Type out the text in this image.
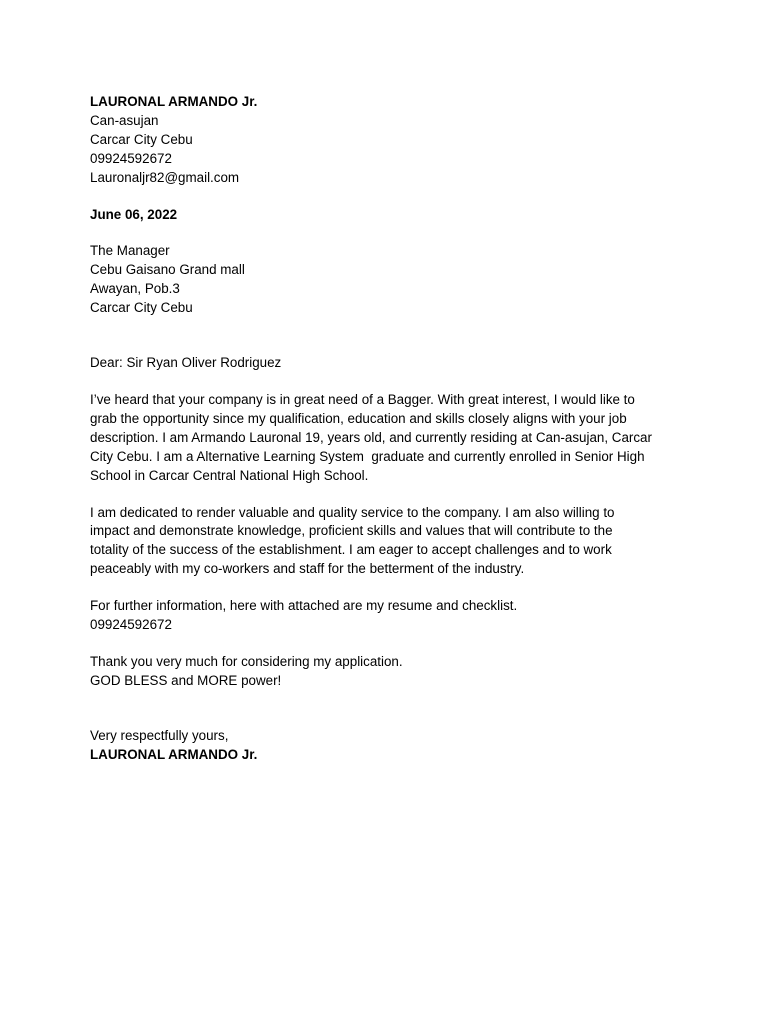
LAURONAL ARMANDO Jr.
Can-asujan
Carcar City Cebu
09924592672
Lauronaljr82@gmail.com
June 06, 2022
The Manager
Cebu Gaisano Grand mall
Awayan, Pob.3
Carcar City Cebu
Dear: Sir Ryan Oliver Rodriguez
I’ve heard that your company is in great need of a Bagger. With great interest, I would like to
grab the opportunity since my qualification, education and skills closely aligns with your job
description. I am Armando Lauronal 19, years old, and currently residing at Can-asujan, Carcar
City Cebu. I am a Alternative Learning System  graduate and currently enrolled in Senior High
School in Carcar Central National High School.
I am dedicated to render valuable and quality service to the company. I am also willing to
impact and demonstrate knowledge, proficient skills and values that will contribute to the
totality of the success of the establishment. I am eager to accept challenges and to work
peaceably with my co-workers and staff for the betterment of the industry.
For further information, here with attached are my resume and checklist.
09924592672
Thank you very much for considering my application.
GOD BLESS and MORE power!
Very respectfully yours,
LAURONAL ARMANDO Jr.
